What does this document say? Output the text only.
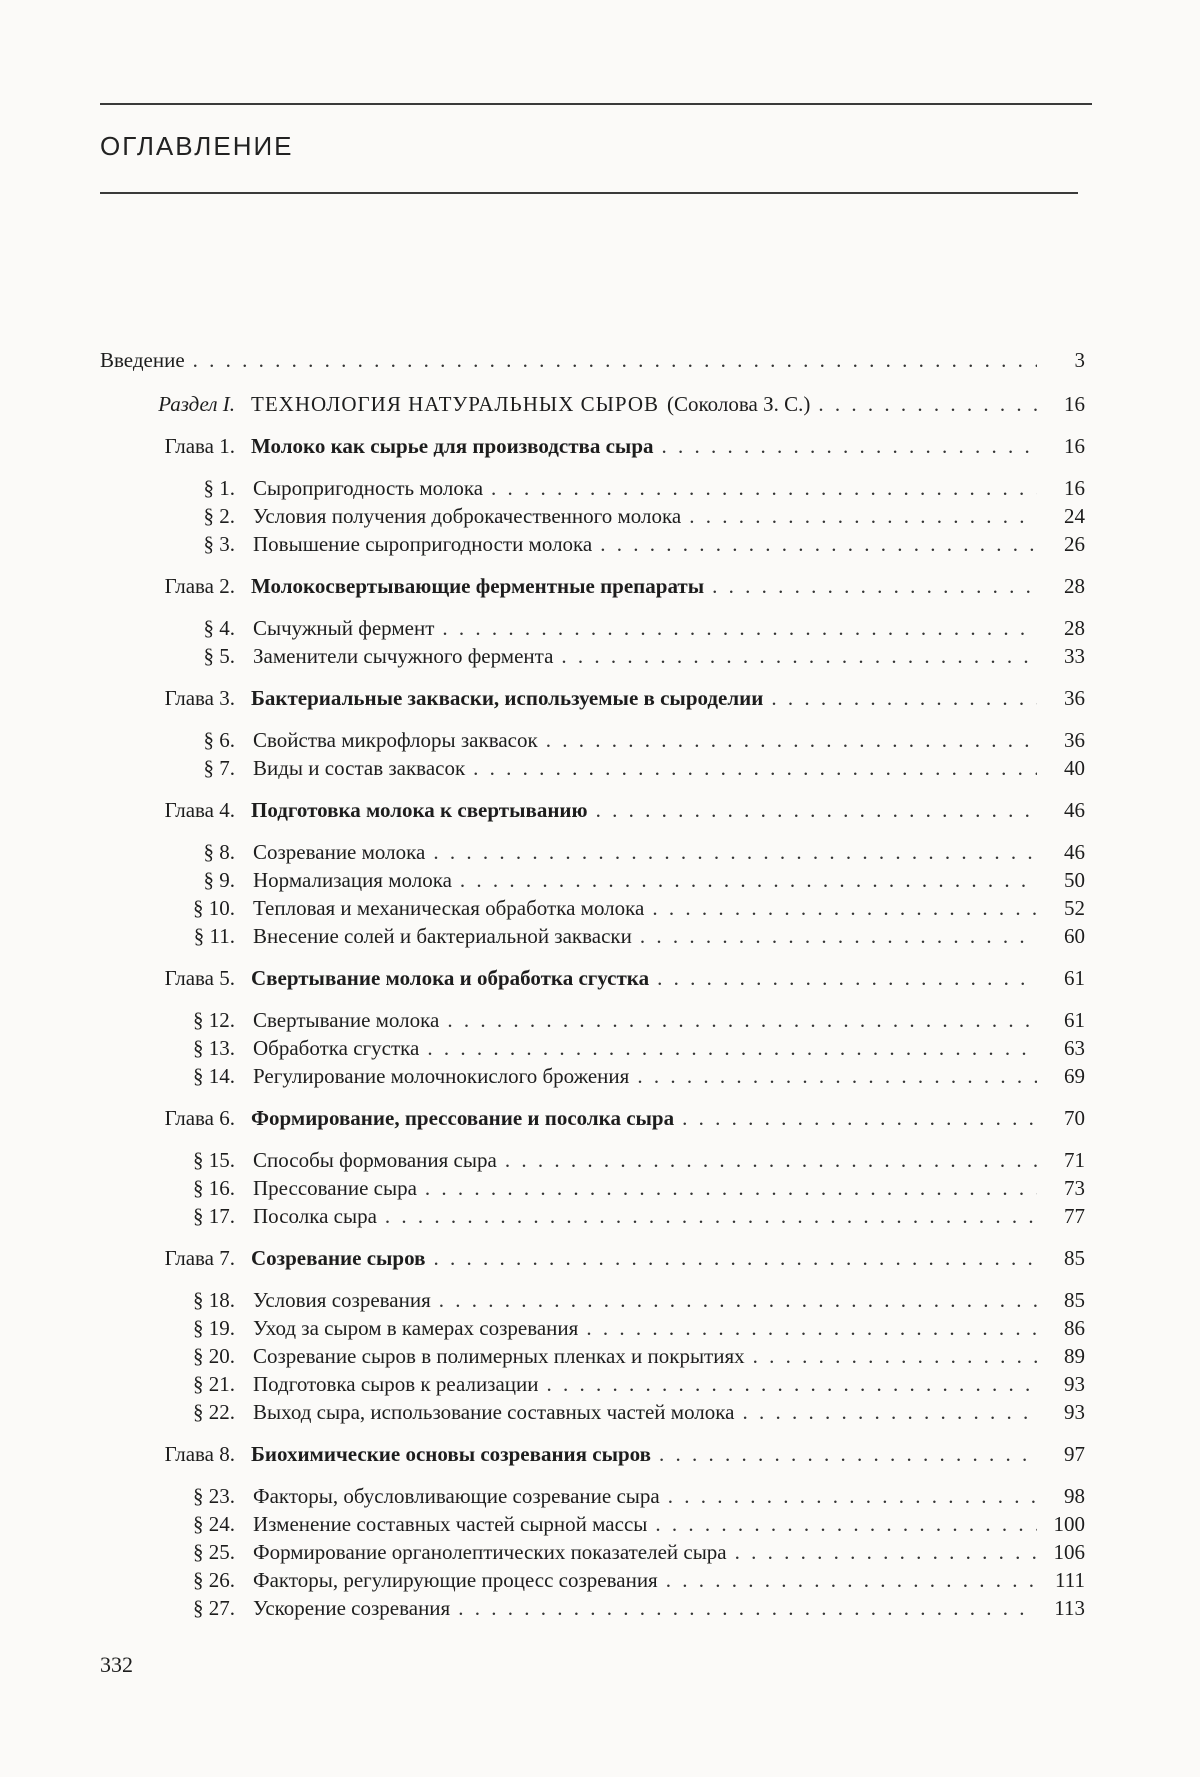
ОГЛАВЛЕНИЕ
Введение . . .	3
Раздел I. ТЕХНОЛОГИЯ НАТУРАЛЬНЫХ СЫРОВ (Соколова З. С.) . . .	16
Глава 1. Молоко как сырье для производства сыра . . .	16
§ 1. Сыропригодность молока . . .	16
§ 2. Условия получения доброкачественного молока . . .	24
§ 3. Повышение сыропригодности молока . . .	26
Глава 2. Молокосвертывающие ферментные препараты . . .	28
§ 4. Сычужный фермент . . .	28
§ 5. Заменители сычужного фермента . . .	33
Глава 3. Бактериальные закваски, используемые в сыроделии . . .	36
§ 6. Свойства микрофлоры заквасок . . .	36
§ 7. Виды и состав заквасок . . .	40
Глава 4. Подготовка молока к свертыванию . . .	46
§ 8. Созревание молока . . .	46
§ 9. Нормализация молока . . .	50
§ 10. Тепловая и механическая обработка молока . . .	52
§ 11. Внесение солей и бактериальной закваски . . .	60
Глава 5. Свертывание молока и обработка сгустка . . .	61
§ 12. Свертывание молока . . .	61
§ 13. Обработка сгустка . . .	63
§ 14. Регулирование молочнокислого брожения . . .	69
Глава 6. Формирование, прессование и посолка сыра . . .	70
§ 15. Способы формования сыра . . .	71
§ 16. Прессование сыра . . .	73
§ 17. Посолка сыра . . .	77
Глава 7. Созревание сыров . . .	85
§ 18. Условия созревания . . .	85
§ 19. Уход за сыром в камерах созревания . . .	86
§ 20. Созревание сыров в полимерных пленках и покрытиях . . .	89
§ 21. Подготовка сыров к реализации . . .	93
§ 22. Выход сыра, использование составных частей молока . . .	93
Глава 8. Биохимические основы созревания сыров . . .	97
§ 23. Факторы, обусловливающие созревание сыра . . .	98
§ 24. Изменение составных частей сырной массы . . .	100
§ 25. Формирование органолептических показателей сыра . . .	106
§ 26. Факторы, регулирующие процесс созревания . . .	111
§ 27. Ускорение созревания . . .	113
332
